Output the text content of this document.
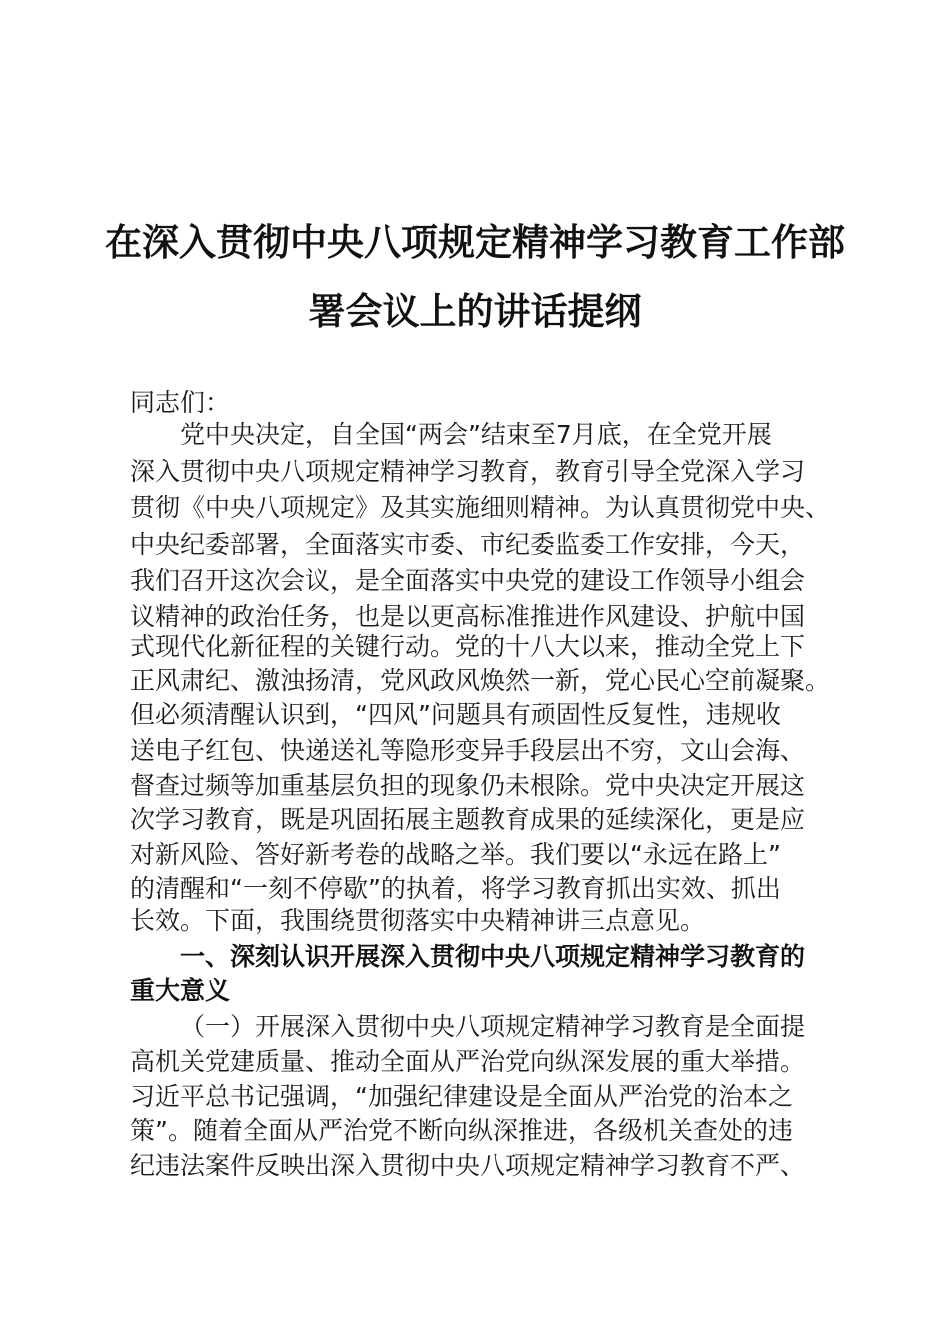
在深入贯彻中央八项规定精神学习教育工作部
署会议上的讲话提纲
同志们：
党中央决定，自全国“两会”结束至7月底，在全党开展
深入贯彻中央八项规定精神学习教育，教育引导全党深入学习
贯彻《中央八项规定》及其实施细则精神。为认真贯彻党中央、
中央纪委部署，全面落实市委、市纪委监委工作安排，今天，
我们召开这次会议，是全面落实中央党的建设工作领导小组会
议精神的政治任务，也是以更高标准推进作风建设、护航中国
式现代化新征程的关键行动。党的十八大以来，推动全党上下
正风肃纪、激浊扬清，党风政风焕然一新，党心民心空前凝聚。
但必须清醒认识到，“四风”问题具有顽固性反复性，违规收
送电子红包、快递送礼等隐形变异手段层出不穷，文山会海、
督查过频等加重基层负担的现象仍未根除。党中央决定开展这
次学习教育，既是巩固拓展主题教育成果的延续深化，更是应
对新风险、答好新考卷的战略之举。我们要以“永远在路上”
的清醒和“一刻不停歇”的执着，将学习教育抓出实效、抓出
长效。下面，我围绕贯彻落实中央精神讲三点意见。
一、深刻认识开展深入贯彻中央八项规定精神学习教育的
重大意义
（一）开展深入贯彻中央八项规定精神学习教育是全面提
高机关党建质量、推动全面从严治党向纵深发展的重大举措。
习近平总书记强调，“加强纪律建设是全面从严治党的治本之
策”。随着全面从严治党不断向纵深推进，各级机关查处的违
纪违法案件反映出深入贯彻中央八项规定精神学习教育不严、
